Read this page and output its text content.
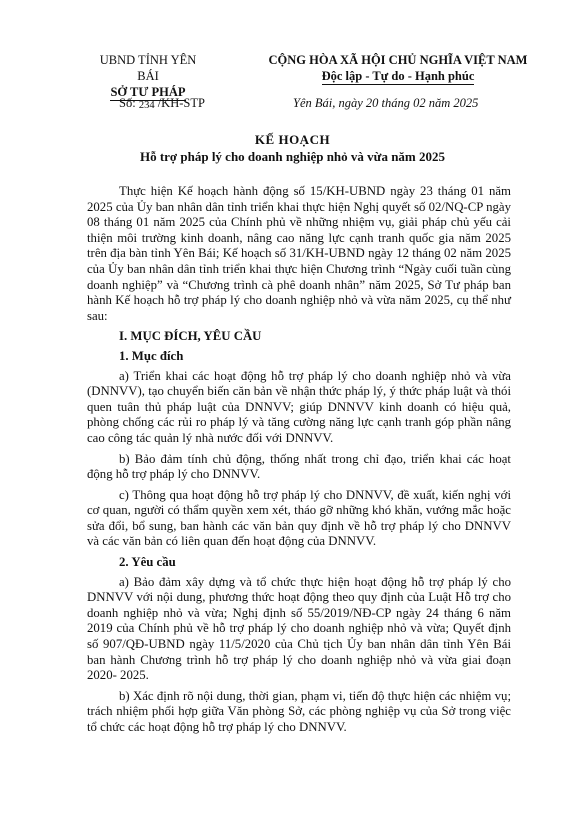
UBND TỈNH YÊN BÁI
SỞ TƯ PHÁP
CỘNG HÒA XÃ HỘI CHỦ NGHĨA VIỆT NAM
Độc lập - Tự do - Hạnh phúc
Số: 234 /KH-STP	Yên Bái, ngày 20 tháng 02 năm 2025
KẾ HOẠCH
Hỗ trợ pháp lý cho doanh nghiệp nhỏ và vừa năm 2025

Thực hiện Kế hoạch hành động số 15/KH-UBND ngày 23 tháng 01 năm 2025 của Ủy ban nhân dân tỉnh triển khai thực hiện Nghị quyết số 02/NQ-CP ngày 08 tháng 01 năm 2025 của Chính phủ về những nhiệm vụ, giải pháp chủ yếu cải thiện môi trường kinh doanh, nâng cao năng lực cạnh tranh quốc gia năm 2025 trên địa bàn tỉnh Yên Bái; Kế hoạch số 31/KH-UBND ngày 12 tháng 02 năm 2025 của Ủy ban nhân dân tỉnh triển khai thực hiện Chương trình “Ngày cuối tuần cùng doanh nghiệp” và “Chương trình cà phê doanh nhân” năm 2025, Sở Tư pháp ban hành Kế hoạch hỗ trợ pháp lý cho doanh nghiệp nhỏ và vừa năm 2025, cụ thể như sau:

I. MỤC ĐÍCH, YÊU CẦU
1. Mục đích

a) Triển khai các hoạt động hỗ trợ pháp lý cho doanh nghiệp nhỏ và vừa (DNNVV), tạo chuyển biến căn bản về nhận thức pháp lý, ý thức pháp luật và thói quen tuân thủ pháp luật của DNNVV; giúp DNNVV kinh doanh có hiệu quả, phòng chống các rủi ro pháp lý và tăng cường năng lực cạnh tranh góp phần nâng cao công tác quản lý nhà nước đối với DNNVV.

b) Bảo đảm tính chủ động, thống nhất trong chỉ đạo, triển khai các hoạt động hỗ trợ pháp lý cho DNNVV.

c) Thông qua hoạt động hỗ trợ pháp lý cho DNNVV, đề xuất, kiến nghị với cơ quan, người có thẩm quyền xem xét, tháo gỡ những khó khăn, vướng mắc hoặc sửa đổi, bổ sung, ban hành các văn bản quy định về hỗ trợ pháp lý cho DNNVV và các văn bản có liên quan đến hoạt động của DNNVV.

2. Yêu cầu

a) Bảo đảm xây dựng và tổ chức thực hiện hoạt động hỗ trợ pháp lý cho DNNVV với nội dung, phương thức hoạt động theo quy định của Luật Hỗ trợ cho doanh nghiệp nhỏ và vừa; Nghị định số 55/2019/NĐ-CP ngày 24 tháng 6 năm 2019 của Chính phủ về hỗ trợ pháp lý cho doanh nghiệp nhỏ và vừa; Quyết định số 907/QĐ-UBND ngày 11/5/2020 của Chủ tịch Ủy ban nhân dân tỉnh Yên Bái ban hành Chương trình hỗ trợ pháp lý cho doanh nghiệp nhỏ và vừa giai đoạn 2020- 2025.

b) Xác định rõ nội dung, thời gian, phạm vi, tiến độ thực hiện các nhiệm vụ; trách nhiệm phối hợp giữa Văn phòng Sở, các phòng nghiệp vụ của Sở trong việc tổ chức các hoạt động hỗ trợ pháp lý cho DNNVV.
